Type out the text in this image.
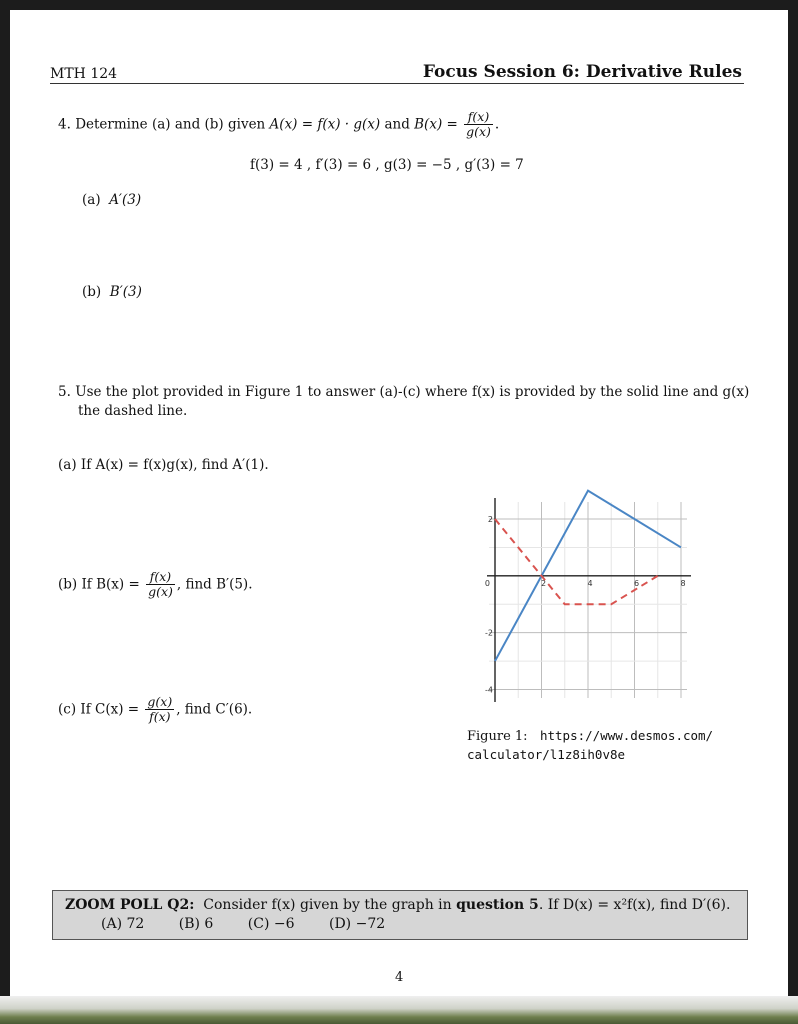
MTH 124	Focus Session 6: Derivative Rules
4. Determine (a) and (b) given A(x) = f(x) · g(x) and $B(x) = \frac{f(x)}{g(x)}$ .
f(3) = 4 , f′(3) = 6 , g(3) = −5 , g′(3) = 7
(a) A′(3)
(b) B′(3)
5. Use the plot provided in Figure 1 to answer (a)-(c) where f(x) is provided by the solid line and g(x)
the dashed line.
(a) If A(x) = f(x)g(x), find A′(1).
(b) If $B(x) = \frac{f(x)}{g(x)}$ , find B′(5).
(c) If $C(x) = \frac{g(x)}{f(x)}$ , find C′(6).
0	2	4	6	8
2
-2
-4
Figure 1: https://www.desmos.com/
calculator/l1z8ih0v8e
ZOOM POLL Q2: Consider f(x) given by the graph in question 5. If D(x) = x²f(x), find D′(6).
(A) 72 (B) 6 (C) −6 (D) −72
4
